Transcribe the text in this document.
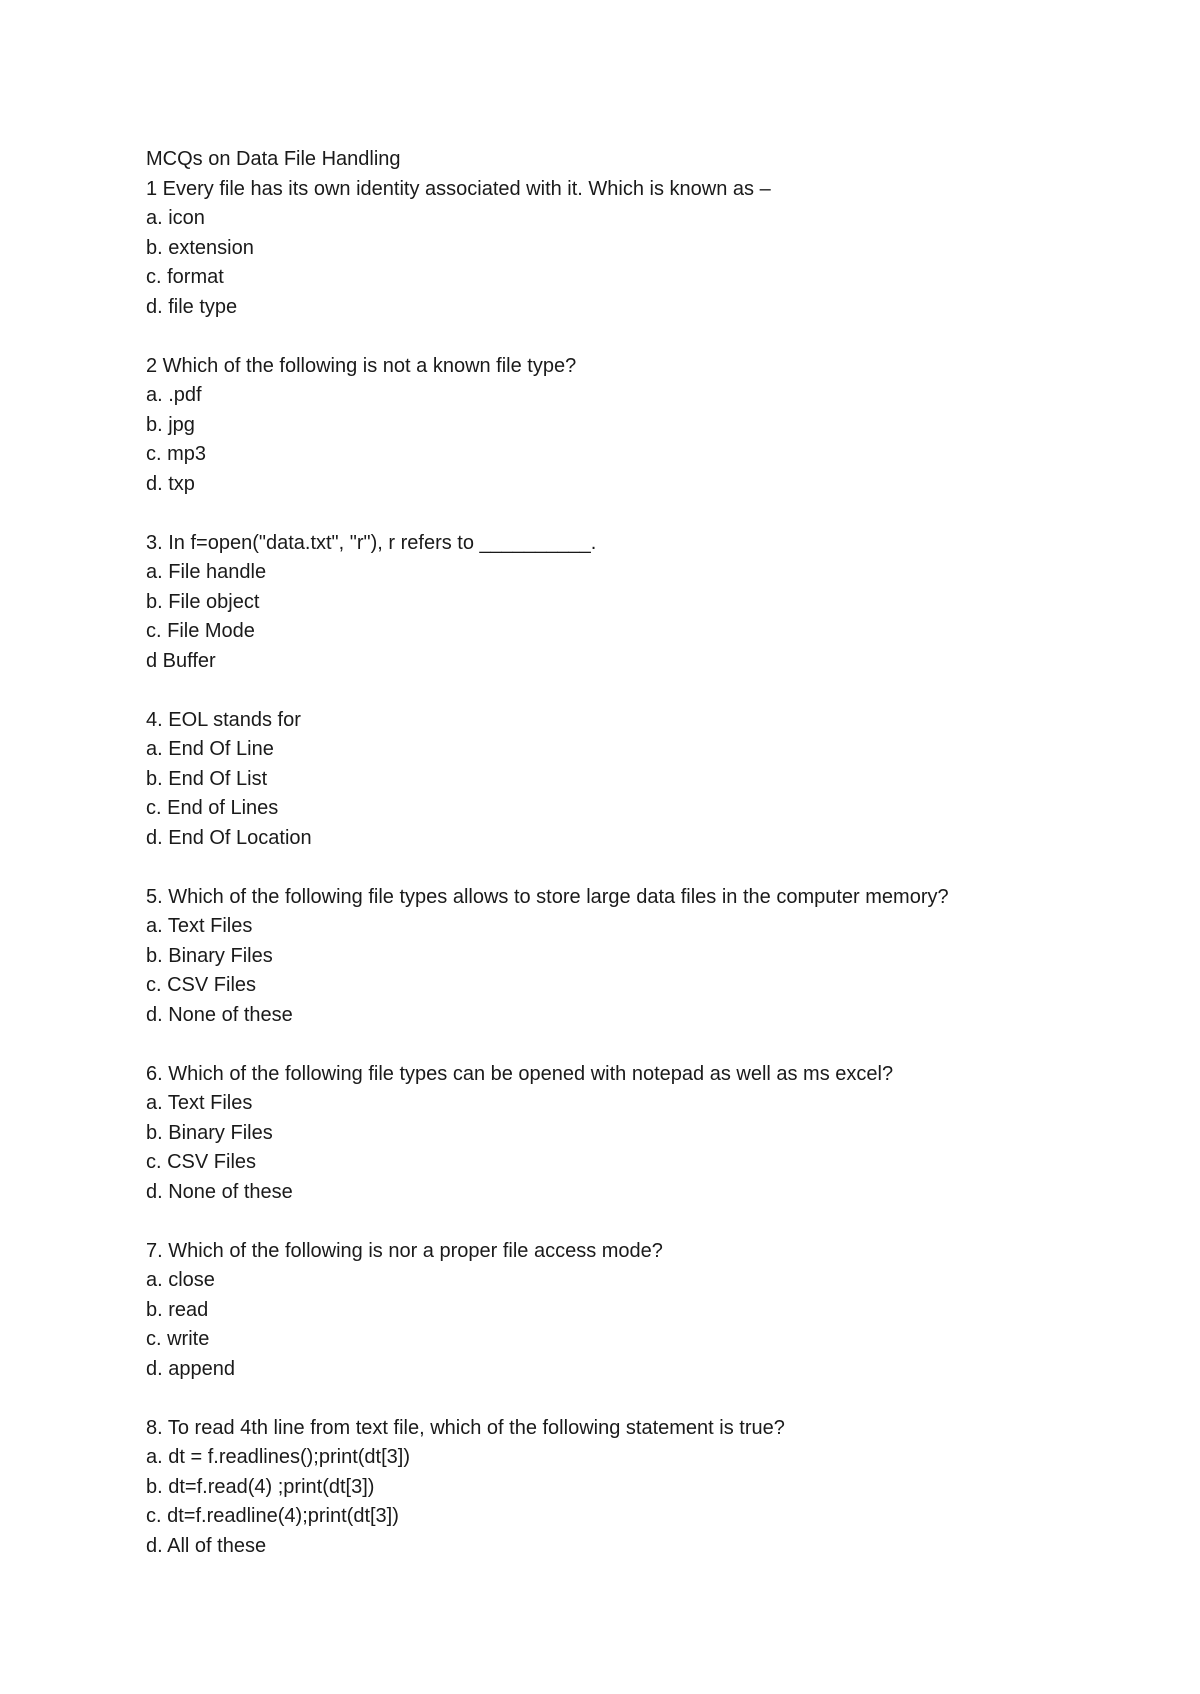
MCQs on Data File Handling
1 Every file has its own identity associated with it. Which is known as –
a. icon
b. extension
c. format
d. file type
2 Which of the following is not a known file type?
a. .pdf
b. jpg
c. mp3
d. txp
3. In f=open("data.txt", "r"), r refers to __________.
a. File handle
b. File object
c. File Mode
d Buffer
4. EOL stands for
a. End Of Line
b. End Of List
c. End of Lines
d. End Of Location
5. Which of the following file types allows to store large data files in the computer memory?
a. Text Files
b. Binary Files
c. CSV Files
d. None of these
6. Which of the following file types can be opened with notepad as well as ms excel?
a. Text Files
b. Binary Files
c. CSV Files
d. None of these
7. Which of the following is nor a proper file access mode?
a. close
b. read
c. write
d. append
8. To read 4th line from text file, which of the following statement is true?
a. dt = f.readlines();print(dt[3])
b. dt=f.read(4) ;print(dt[3])
c. dt=f.readline(4);print(dt[3])
d. All of these
